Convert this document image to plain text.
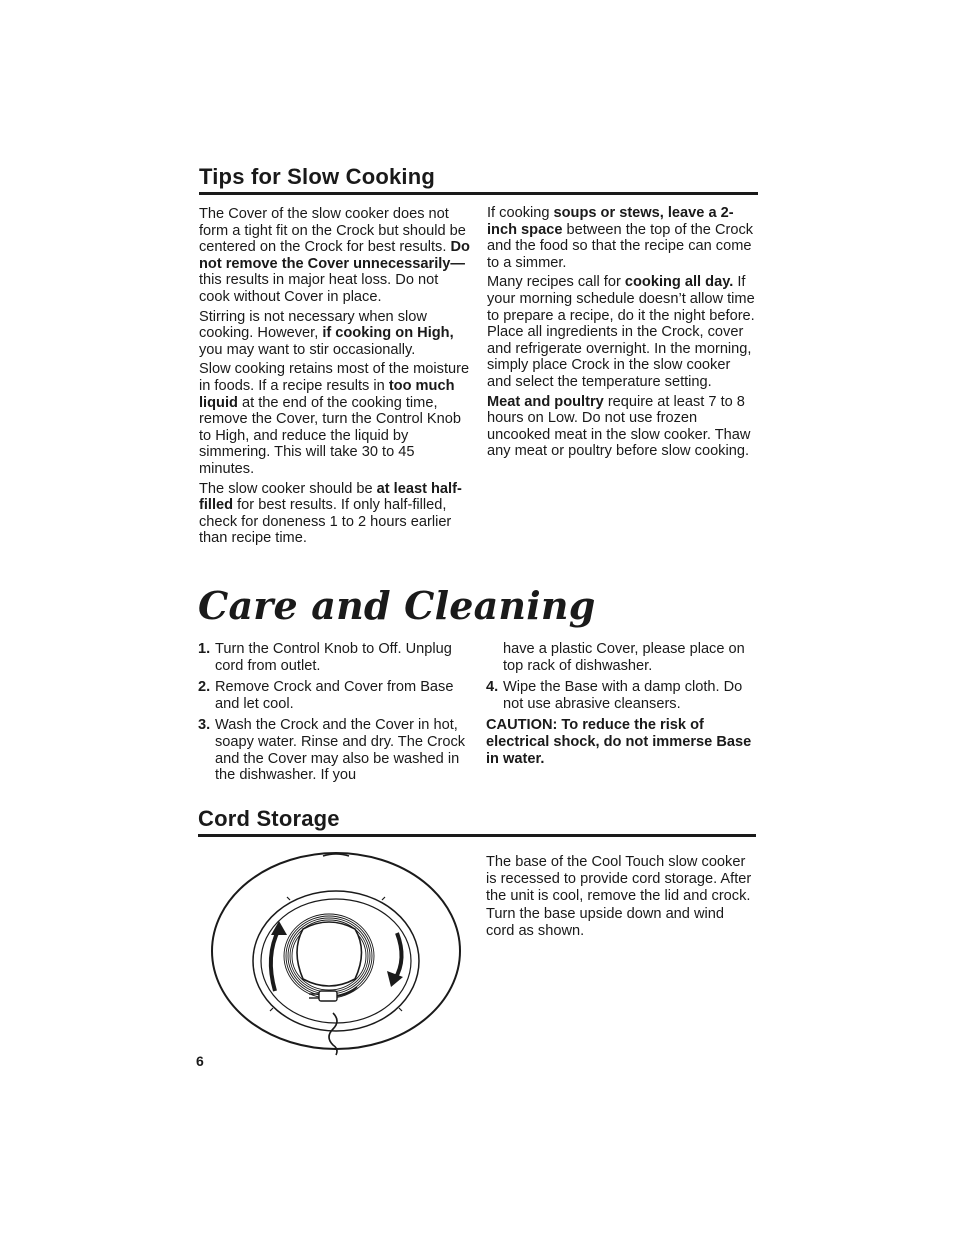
Tips for Slow Cooking

The Cover of the slow cooker does not form a tight fit on the Crock but should be centered on the Crock for best results. Do not remove the Cover unnecessarily— this results in major heat loss. Do not cook without Cover in place.

Stirring is not necessary when slow cooking. However, if cooking on High, you may want to stir occasionally.

Slow cooking retains most of the moisture in foods. If a recipe results in too much liquid at the end of the cooking time, remove the Cover, turn the Control Knob to High, and reduce the liquid by simmering. This will take 30 to 45 minutes.

The slow cooker should be at least half-filled for best results. If only half-filled, check for doneness 1 to 2 hours earlier than recipe time.

If cooking soups or stews, leave a 2-inch space between the top of the Crock and the food so that the recipe can come to a simmer.

Many recipes call for cooking all day. If your morning schedule doesn’t allow time to prepare a recipe, do it the night before. Place all ingredients in the Crock, cover and refrigerate overnight. In the morning, simply place Crock in the slow cooker and select the temperature setting.

Meat and poultry require at least 7 to 8 hours on Low. Do not use frozen uncooked meat in the slow cooker. Thaw any meat or poultry before slow cooking.

Care and Cleaning
1. Turn the Control Knob to Off. Unplug cord from outlet.
2. Remove Crock and Cover from Base and let cool.
3. Wash the Crock and the Cover in hot, soapy water. Rinse and dry. The Crock and the Cover may also be washed in the dishwasher. If you
have a plastic Cover, please place on top rack of dishwasher.
4. Wipe the Base with a damp cloth. Do not use abrasive cleansers.

CAUTION: To reduce the risk of electrical shock, do not immerse Base in water.

Cord Storage

The base of the Cool Touch slow cooker is recessed to provide cord storage. After the unit is cool, remove the lid and crock. Turn the base upside down and wind cord as shown.

6
